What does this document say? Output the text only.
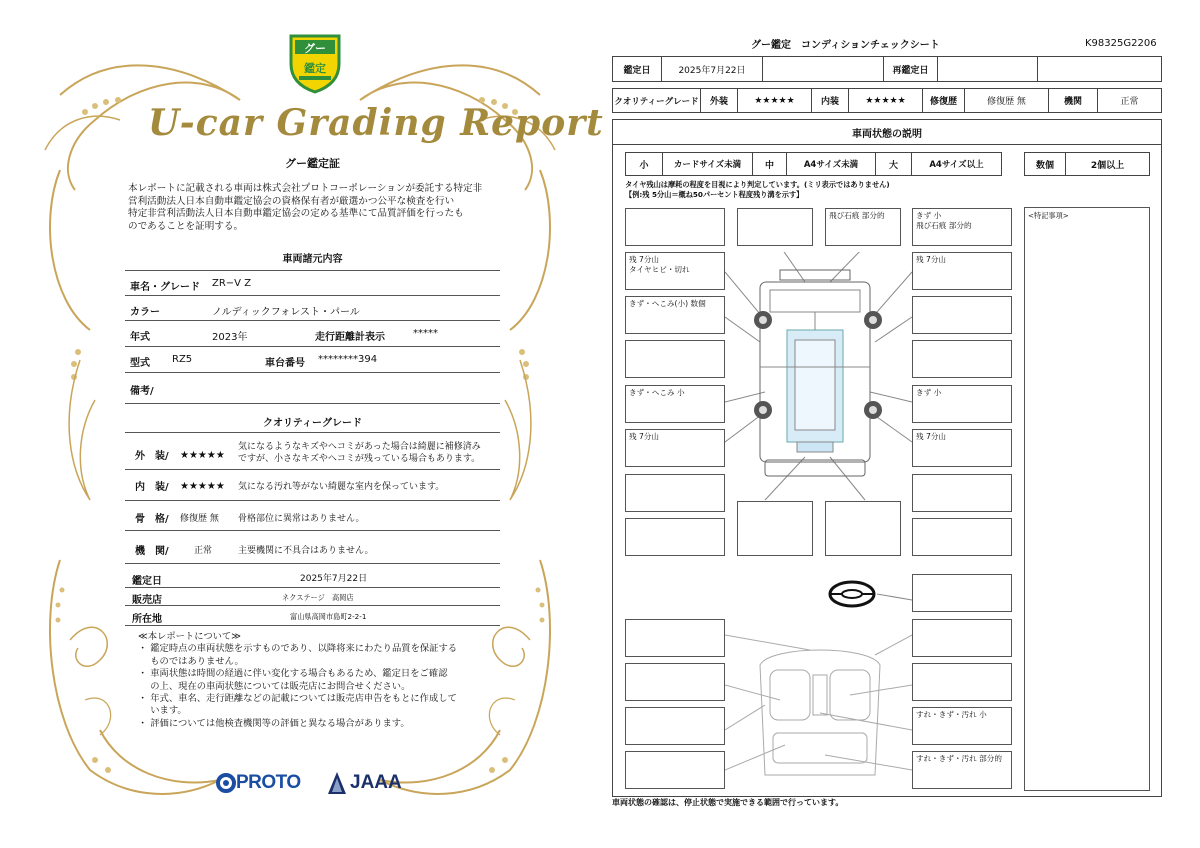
グー
鑑定
U-car Grading Report
グー鑑定証
本レポートに記載される車両は株式会社プロトコーポレーションが委託する特定非
営利活動法人日本自動車鑑定協会の資格保有者が厳選かつ公平な検査を行い
特定非営利活動法人日本自動車鑑定協会の定める基準にて品質評価を行ったも
のであることを証明する。
車両諸元内容
車名・グレード ZR−V Z
カラー	ノルディックフォレスト・パール
年式	2023年	走行距離計表示	*****
型式 RZ5	車台番号 ********394
備考/
クオリティーグレード
外　装/ ★★★★★
気になるようなキズやヘコミがあった場合は綺麗に補修済み
ですが、小さなキズやヘコミが残っている場合もあります。
内　装/ ★★★★★ 気になる汚れ等がない綺麗な室内を保っています。
骨　格/ 修復歴 無 骨格部位に異常はありません。
機　関/	正常	主要機関に不具合はありません。
鑑定日	2025年7月22日
販売店	ネクステージ　高岡店
所在地	富山県高岡市島町2-2-1
≪本レポートについて≫
・ 鑑定時点の車両状態を示すものであり、以降将来にわたり品質を保証する
　 ものではありません。
・ 車両状態は時間の経過に伴い変化する場合もあるため、鑑定日をご確認
　 の上、現在の車両状態については販売店にお問合せください。
・ 年式、車名、走行距離などの記載については販売店申告をもとに作成して
　 います。
・ 評価については他検査機関等の評価と異なる場合があります。
PROTO	JAAA
グー鑑定　コンディションチェックシート	K98325G2206
鑑定日	2025年7月22日	再鑑定日
クオリティーグレード	外装	★★★★★	内装	★★★★★	修復歴	修復歴 無	機関	正常
車両状態の説明
小	カードサイズ未満	中	A4サイズ未満	大	A4サイズ以上	数個	2個以上
タイヤ残山は摩耗の程度を目視により判定しています。(ミリ表示ではありません)
【例:残 5分山＝概ね50パーセント程度残り溝を示す】
<特記事項>
残 7分山
タイヤヒビ・切れ
きず・へこみ(小) 数個
きず・へこみ 小
残 7分山
飛び石痕 部分的	きず 小
飛び石痕 部分的
残 7分山
きず 小
残 7分山
すれ・きず・汚れ 小
すれ・きず・汚れ 部分的
車両状態の確認は、停止状態で実施できる範囲で行っています。
